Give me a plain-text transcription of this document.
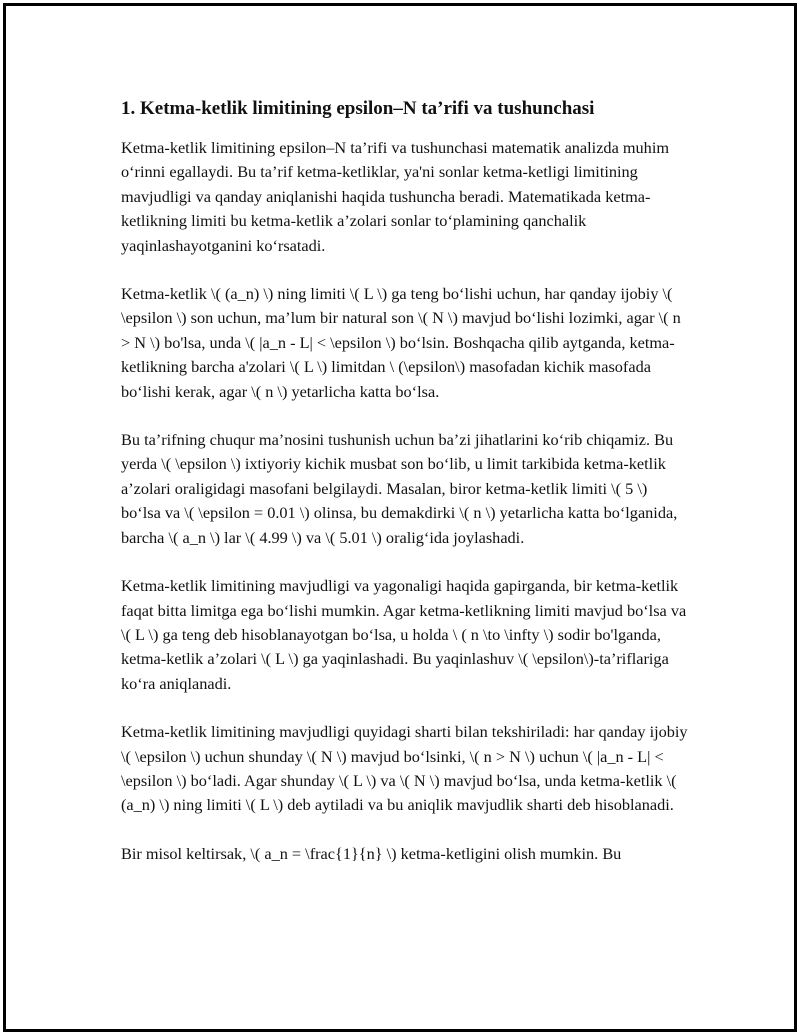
1. Ketma-ketlik limitining epsilon–N ta’rifi va tushunchasi

Ketma-ketlik limitining epsilon–N ta’rifi va tushunchasi matematik analizda muhim o‘rinni egallaydi. Bu ta’rif ketma-ketliklar, ya'ni sonlar ketma-ketligi limitining mavjudligi va qanday aniqlanishi haqida tushuncha beradi. Matematikada ketma-ketlikning limiti bu ketma-ketlik a’zolari sonlar to‘plamining qanchalik yaqinlashayotganini ko‘rsatadi.

Ketma-ketlik \( (a_n) \) ning limiti \( L \) ga teng bo‘lishi uchun, har qanday ijobiy \( \epsilon \) son uchun, ma’lum bir natural son \( N \) mavjud bo‘lishi lozimki, agar \( n > N \) bo'lsa, unda \( |a_n - L| < \epsilon \) bo‘lsin. Boshqacha qilib aytganda, ketma-ketlikning barcha a'zolari \( L \) limitdan \ (\epsilon\) masofadan kichik masofada bo‘lishi kerak, agar \( n \) yetarlicha katta bo‘lsa.

Bu ta’rifning chuqur ma’nosini tushunish uchun ba’zi jihatlarini ko‘rib chiqamiz. Bu yerda \( \epsilon \) ixtiyoriy kichik musbat son bo‘lib, u limit tarkibida ketma-ketlik a’zolari oraligidagi masofani belgilaydi. Masalan, biror ketma-ketlik limiti \( 5 \) bo‘lsa va \( \epsilon = 0.01 \) olinsa, bu demakdirki \( n \) yetarlicha katta bo‘lganida, barcha \( a_n \) lar \( 4.99 \) va \( 5.01 \) oralig‘ida joylashadi.

Ketma-ketlik limitining mavjudligi va yagonaligi haqida gapirganda, bir ketma-ketlik faqat bitta limitga ega bo‘lishi mumkin. Agar ketma-ketlikning limiti mavjud bo‘lsa va \( L \) ga teng deb hisoblanayotgan bo‘lsa, u holda \ ( n \to \infty \) sodir bo'lganda, ketma-ketlik a’zolari \( L \) ga yaqinlashadi. Bu yaqinlashuv \( \epsilon\)-ta’riflariga ko‘ra aniqlanadi.

Ketma-ketlik limitining mavjudligi quyidagi sharti bilan tekshiriladi: har qanday ijobiy \( \epsilon \) uchun shunday \( N \) mavjud bo‘lsinki, \( n > N \) uchun \( |a_n - L| < \epsilon \) bo‘ladi. Agar shunday \( L \) va \( N \) mavjud bo‘lsa, unda ketma-ketlik \( (a_n) \) ning limiti \( L \) deb aytiladi va bu aniqlik mavjudlik sharti deb hisoblanadi.

Bir misol keltirsak, \( a_n = \frac{1}{n} \) ketma-ketligini olish mumkin. Bu
